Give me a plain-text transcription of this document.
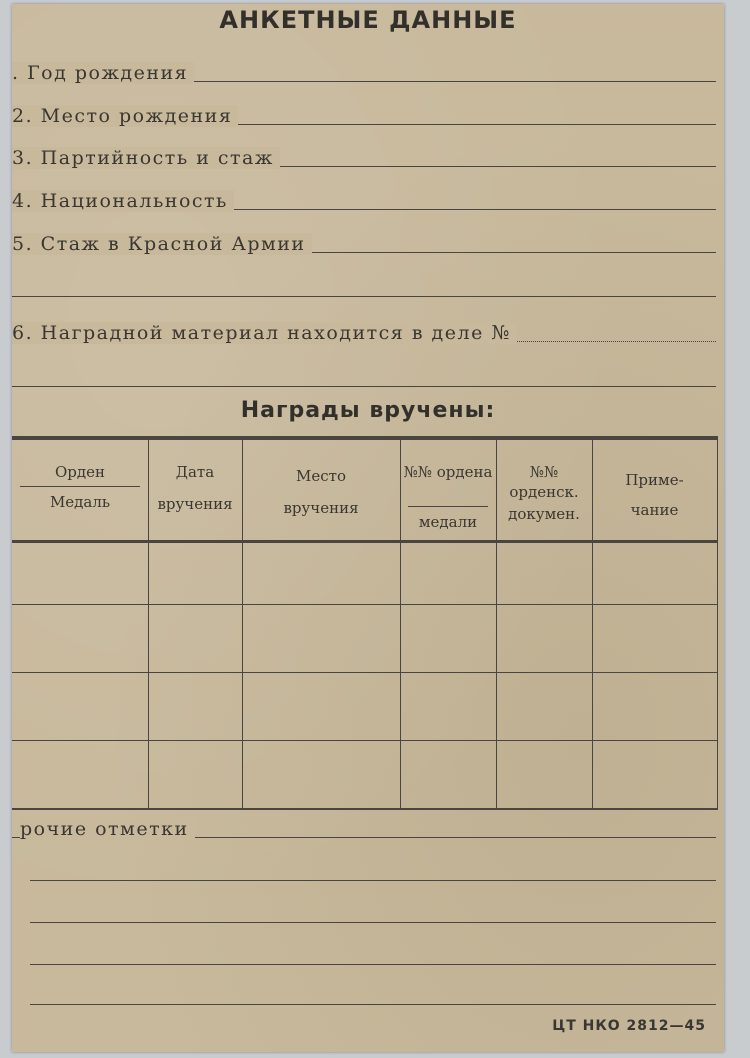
АНКЕТНЫЕ ДАННЫЕ
. Год рождения
2. Место рождения
3. Партийность и стаж
4. Национальность
5. Стаж в Красной Армии
6. Наградной материал находится в деле №
Награды вручены:
Орден
Медаль
Дата
вручения
Место
вручения
№№ ордена
медали
№№ орденск.
докумен.
Приме-
чание
рочие отметки
ЦТ НКО 2812—45
